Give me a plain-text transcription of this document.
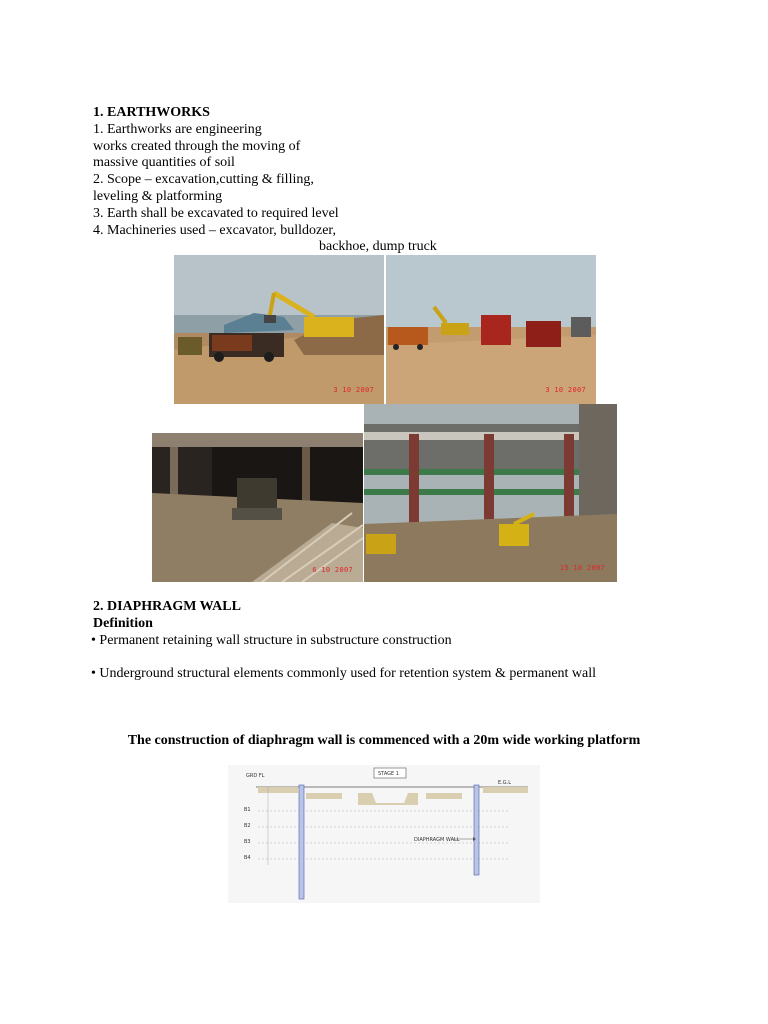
1. EARTHWORKS
1. Earthworks are engineering
works created through the moving of
massive quantities of soil
2. Scope – excavation,cutting & filling,
leveling & platforming
3. Earth shall be excavated to required level
4. Machineries used – excavator, bulldozer,
backhoe, dump truck
3 10 2007	3 10 2007
6 10 2007	15 10 2007
2. DIAPHRAGM WALL
Definition
• Permanent retaining wall structure in substructure construction
• Underground structural elements commonly used for retention system & permanent wall
The construction of diaphragm wall is commenced with a 20m wide working platform
STAGE 1
GRD FL
E.G.L
B1
B2
B3
B4
DIAPHRAGM WALL
